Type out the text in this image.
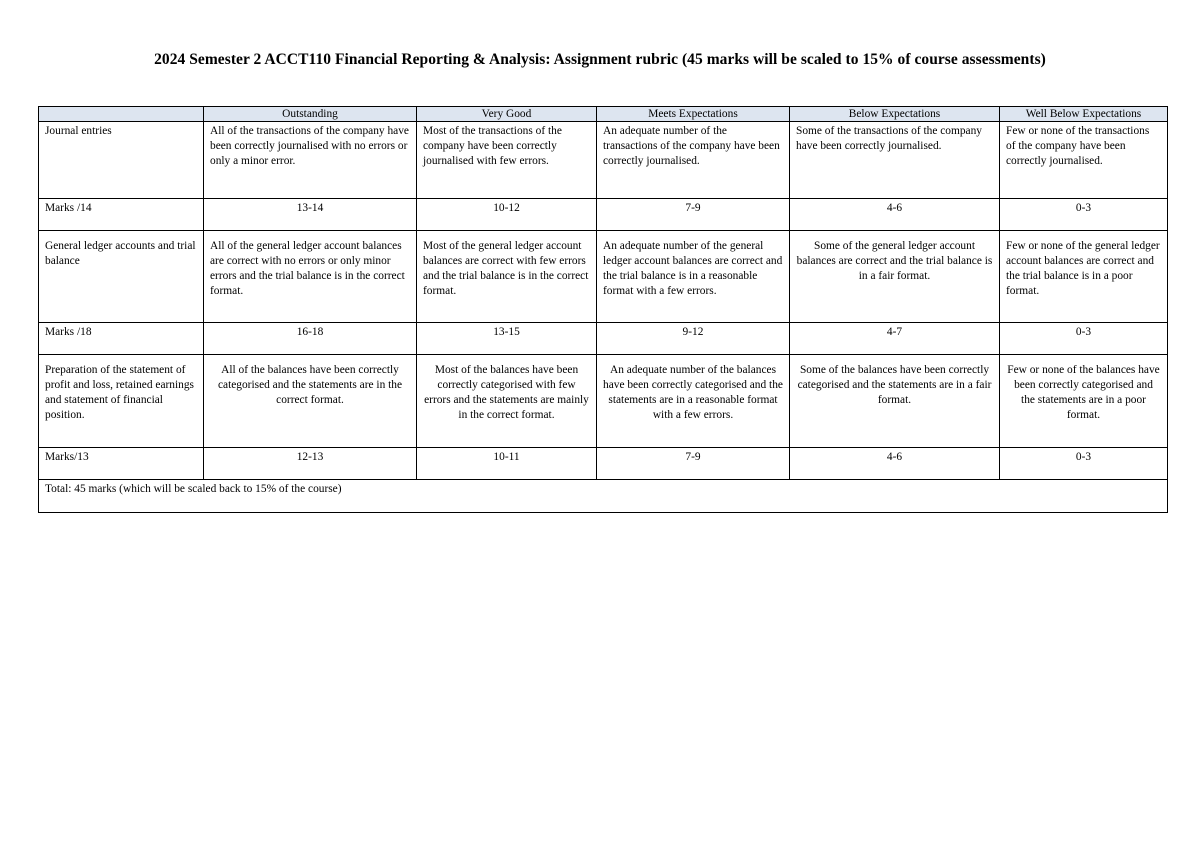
2024 Semester 2 ACCT110 Financial Reporting & Analysis: Assignment rubric (45 marks will be scaled to 15% of course assessments)
	Outstanding	Very Good	Meets Expectations	Below Expectations	Well Below Expectations
Journal entries	All of the transactions of the company have been correctly journalised with no errors or only a minor error.	Most of the transactions of the company have been correctly journalised with few errors.	An adequate number of the transactions of the company have been correctly journalised.	Some of the transactions of the company have been correctly journalised.	Few or none of the transactions of the company have been correctly journalised.
Marks /14	13-14	10-12	7-9	4-6	0-3
General ledger accounts and trial balance	All of the general ledger account balances are correct with no errors or only minor errors and the trial balance is in the correct format.	Most of the general ledger account balances are correct with few errors and the trial balance is in the correct format.	An adequate number of the general ledger account balances are correct and the trial balance is in a reasonable format with a few errors.	Some of the general ledger account balances are correct and the trial balance is in a fair format.	Few or none of the general ledger account balances are correct and the trial balance is in a poor format.
Marks /18	16-18	13-15	9-12	4-7	0-3
Preparation of the statement of profit and loss, retained earnings and statement of financial position.	All of the balances have been correctly categorised and the statements are in the correct format.	Most of the balances have been correctly categorised with few errors and the statements are mainly in the correct format.	An adequate number of the balances have been correctly categorised and the statements are in a reasonable format with a few errors.	Some of the balances have been correctly categorised and the statements are in a fair format.	Few or none of the balances have been correctly categorised and the statements are in a poor format.
Marks/13	12-13	10-11	7-9	4-6	0-3
Total: 45 marks (which will be scaled back to 15% of the course)					
